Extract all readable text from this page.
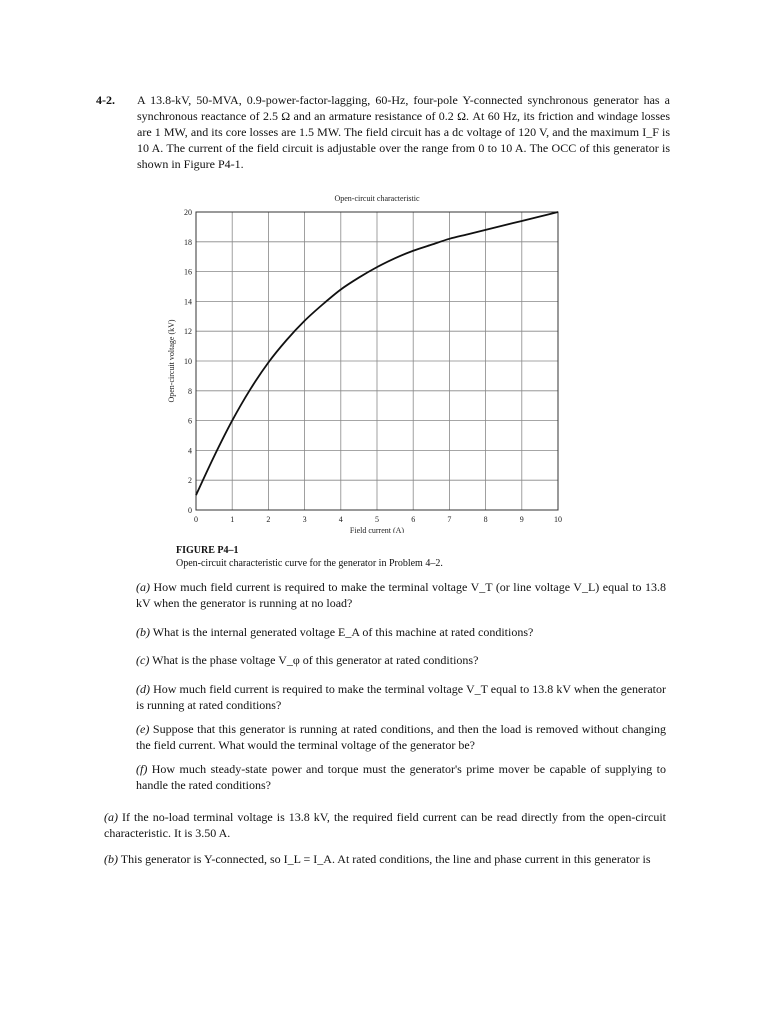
4-2. A 13.8-kV, 50-MVA, 0.9-power-factor-lagging, 60-Hz, four-pole Y-connected synchronous generator has a synchronous reactance of 2.5 Ω and an armature resistance of 0.2 Ω. At 60 Hz, its friction and windage losses are 1 MW, and its core losses are 1.5 MW. The field circuit has a dc voltage of 120 V, and the maximum I_F is 10 A. The current of the field circuit is adjustable over the range from 0 to 10 A. The OCC of this generator is shown in Figure P4-1.
0	1	2	3	4	5	6	7	8	9	10
0
2
4
6
8
10
12
14
16
18
20
Open-circuit characteristic
Field current (A)
Open-circuit voltage (kV)
FIGURE P4–1
Open-circuit characteristic curve for the generator in Problem 4–2.
(a) How much field current is required to make the terminal voltage V_T (or line voltage V_L) equal to 13.8 kV when the generator is running at no load?
(b) What is the internal generated voltage E_A of this machine at rated conditions?
(c) What is the phase voltage V_φ of this generator at rated conditions?
(d) How much field current is required to make the terminal voltage V_T equal to 13.8 kV when the generator is running at rated conditions?
(e) Suppose that this generator is running at rated conditions, and then the load is removed without changing the field current. What would the terminal voltage of the generator be?
(f) How much steady-state power and torque must the generator's prime mover be capable of supplying to handle the rated conditions?
(a) If the no-load terminal voltage is 13.8 kV, the required field current can be read directly from the open-circuit characteristic. It is 3.50 A.
(b) This generator is Y-connected, so I_L = I_A. At rated conditions, the line and phase current in this generator is
